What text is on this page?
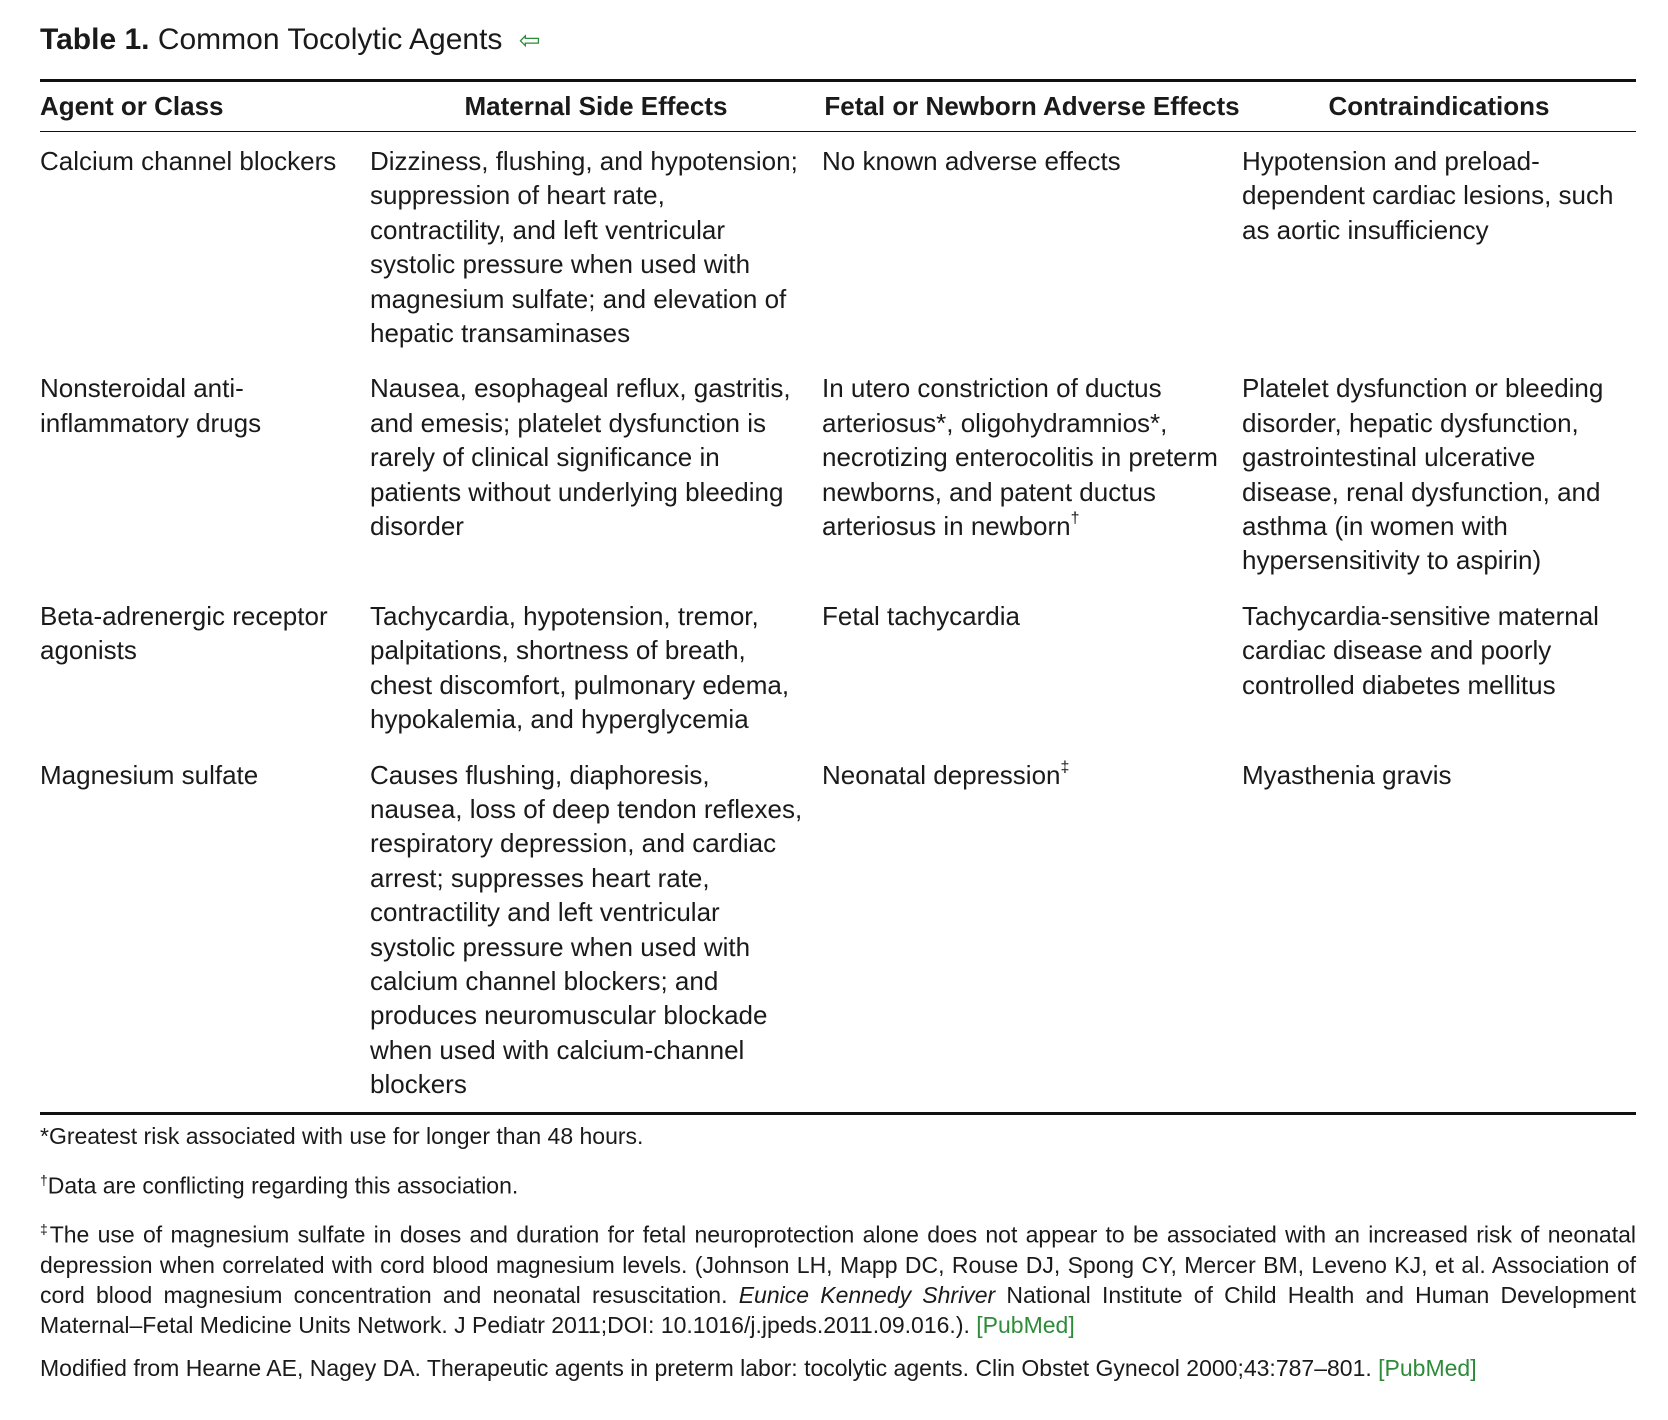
Table 1. Common Tocolytic Agents ⇦
Agent or Class	Maternal Side Effects	Fetal or Newborn Adverse Effects	Contraindications
Calcium channel blockers	Dizziness, flushing, and hypotension; suppression of heart rate, contractility, and left ventricular systolic pressure when used with magnesium sulfate; and elevation of hepatic transaminases	No known adverse effects	Hypotension and preload-dependent cardiac lesions, such as aortic insufficiency
Nonsteroidal anti-inflammatory drugs	Nausea, esophageal reflux, gastritis, and emesis; platelet dysfunction is rarely of clinical significance in patients without underlying bleeding disorder	In utero constriction of ductus arteriosus*, oligohydramnios*, necrotizing enterocolitis in preterm newborns, and patent ductus arteriosus in newborn†	Platelet dysfunction or bleeding disorder, hepatic dysfunction, gastrointestinal ulcerative disease, renal dysfunction, and asthma (in women with hypersensitivity to aspirin)
Beta-adrenergic receptor agonists	Tachycardia, hypotension, tremor, palpitations, shortness of breath, chest discomfort, pulmonary edema, hypokalemia, and hyperglycemia	Fetal tachycardia	Tachycardia-sensitive maternal cardiac disease and poorly controlled diabetes mellitus
Magnesium sulfate	Causes flushing, diaphoresis, nausea, loss of deep tendon reflexes, respiratory depression, and cardiac arrest; suppresses heart rate, contractility and left ventricular systolic pressure when used with calcium channel blockers; and produces neuromuscular blockade when used with calcium-channel blockers	Neonatal depression‡	Myasthenia gravis

*Greatest risk associated with use for longer than 48 hours.

†Data are conflicting regarding this association.

‡The use of magnesium sulfate in doses and duration for fetal neuroprotection alone does not appear to be associated with an increased risk of neonatal depression when correlated with cord blood magnesium levels. (Johnson LH, Mapp DC, Rouse DJ, Spong CY, Mercer BM, Leveno KJ, et al. Association of cord blood magnesium concentration and neonatal resuscitation. Eunice Kennedy Shriver National Institute of Child Health and Human Development Maternal–Fetal Medicine Units Network. J Pediatr 2011;DOI: 10.1016/j.jpeds.2011.09.016.). [PubMed]

Modified from Hearne AE, Nagey DA. Therapeutic agents in preterm labor: tocolytic agents. Clin Obstet Gynecol 2000;43:787–801. [PubMed]
